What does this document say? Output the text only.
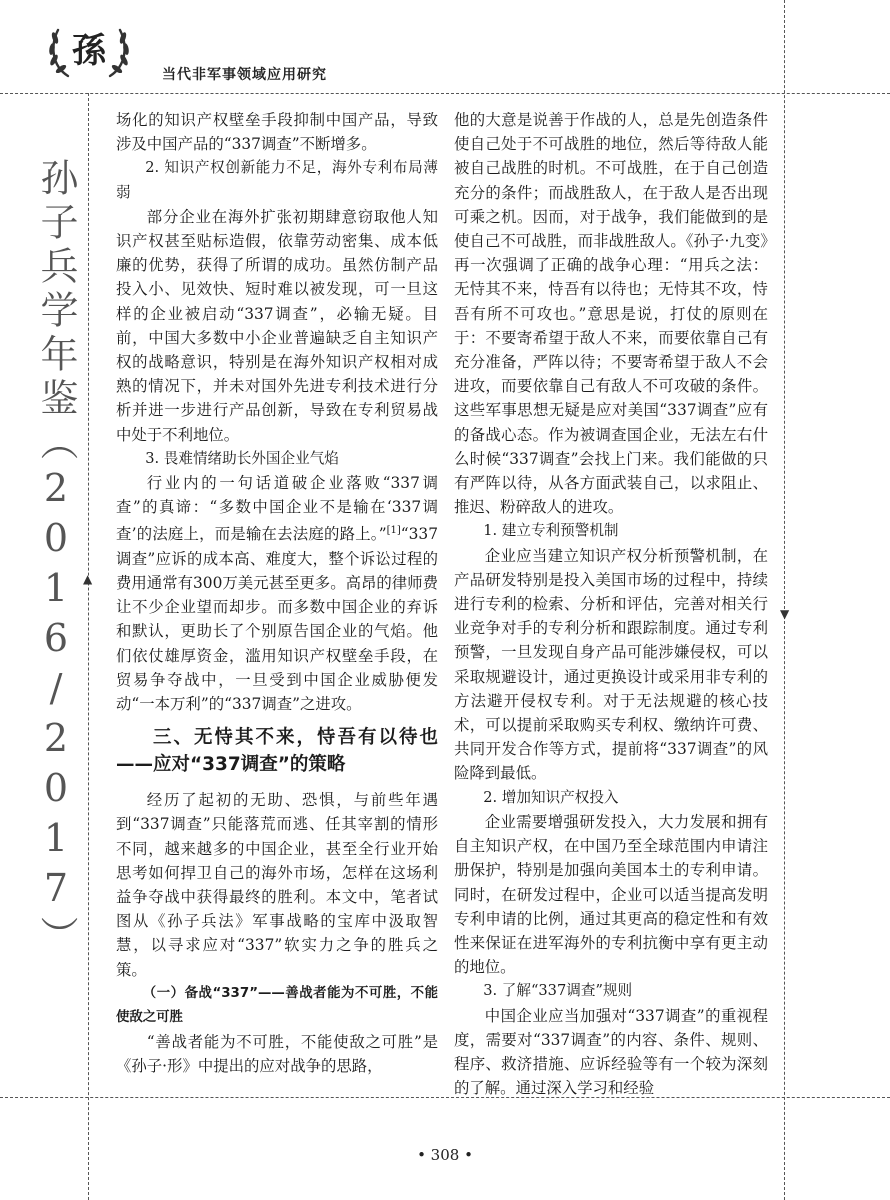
孫
当代非军事领域应用研究
孙子兵学年鉴（2016/2017） ▲
▼

场化的知识产权壁垒手段抑制中国产品，导致涉及中国产品的“337调查”不断增多。

2. 知识产权创新能力不足，海外专利布局薄弱

部分企业在海外扩张初期肆意窃取他人知识产权甚至贴标造假，依靠劳动密集、成本低廉的优势，获得了所谓的成功。虽然仿制产品投入小、见效快、短时难以被发现，可一旦这样的企业被启动“337调查”，必输无疑。目前，中国大多数中小企业普遍缺乏自主知识产权的战略意识，特别是在海外知识产权相对成熟的情况下，并未对国外先进专利技术进行分析并进一步进行产品创新，导致在专利贸易战中处于不利地位。

3. 畏难情绪助长外国企业气焰

行业内的一句话道破企业落败“337调查”的真谛：“多数中国企业不是输在‘337调查’的法庭上，而是输在去法庭的路上。”[1]“337调查”应诉的成本高、难度大，整个诉讼过程的费用通常有300万美元甚至更多。高昂的律师费让不少企业望而却步。而多数中国企业的弃诉和默认，更助长了个别原告国企业的气焰。他们依仗雄厚资金，滥用知识产权壁垒手段，在贸易争夺战中，一旦受到中国企业威胁便发动“一本万利”的“337调查”之进攻。

三、无恃其不来，恃吾有以待也——应对“337调查”的策略

经历了起初的无助、恐惧，与前些年遇到“337调查”只能落荒而逃、任其宰割的情形不同，越来越多的中国企业，甚至全行业开始思考如何捍卫自己的海外市场，怎样在这场利益争夺战中获得最终的胜利。本文中，笔者试图从《孙子兵法》军事战略的宝库中汲取智慧，以寻求应对“337”软实力之争的胜兵之策。

（一）备战“337”——善战者能为不可胜，不能使敌之可胜

“善战者能为不可胜，不能使敌之可胜”是《孙子·形》中提出的应对战争的思路，

他的大意是说善于作战的人，总是先创造条件使自己处于不可战胜的地位，然后等待敌人能被自己战胜的时机。不可战胜，在于自己创造充分的条件；而战胜敌人，在于敌人是否出现可乘之机。因而，对于战争，我们能做到的是使自己不可战胜，而非战胜敌人。《孙子·九变》再一次强调了正确的战争心理：“用兵之法：无恃其不来，恃吾有以待也；无恃其不攻，恃吾有所不可攻也。”意思是说，打仗的原则在于：不要寄希望于敌人不来，而要依靠自己有充分准备，严阵以待；不要寄希望于敌人不会进攻，而要依靠自己有敌人不可攻破的条件。这些军事思想无疑是应对美国“337调查”应有的备战心态。作为被调查国企业，无法左右什么时候“337调查”会找上门来。我们能做的只有严阵以待，从各方面武装自己，以求阻止、推迟、粉碎敌人的进攻。

1. 建立专利预警机制

企业应当建立知识产权分析预警机制，在产品研发特别是投入美国市场的过程中，持续进行专利的检索、分析和评估，完善对相关行业竞争对手的专利分析和跟踪制度。通过专利预警，一旦发现自身产品可能涉嫌侵权，可以采取规避设计，通过更换设计或采用非专利的方法避开侵权专利。对于无法规避的核心技术，可以提前采取购买专利权、缴纳许可费、共同开发合作等方式，提前将“337调查”的风险降到最低。

2. 增加知识产权投入

企业需要增强研发投入，大力发展和拥有自主知识产权，在中国乃至全球范围内申请注册保护，特别是加强向美国本土的专利申请。同时，在研发过程中，企业可以适当提高发明专利申请的比例，通过其更高的稳定性和有效性来保证在进军海外的专利抗衡中享有更主动的地位。

3. 了解“337调查”规则

中国企业应当加强对“337调查”的重视程度，需要对“337调查”的内容、条件、规则、程序、救济措施、应诉经验等有一个较为深刻的了解。通过深入学习和经验

• 308 •
